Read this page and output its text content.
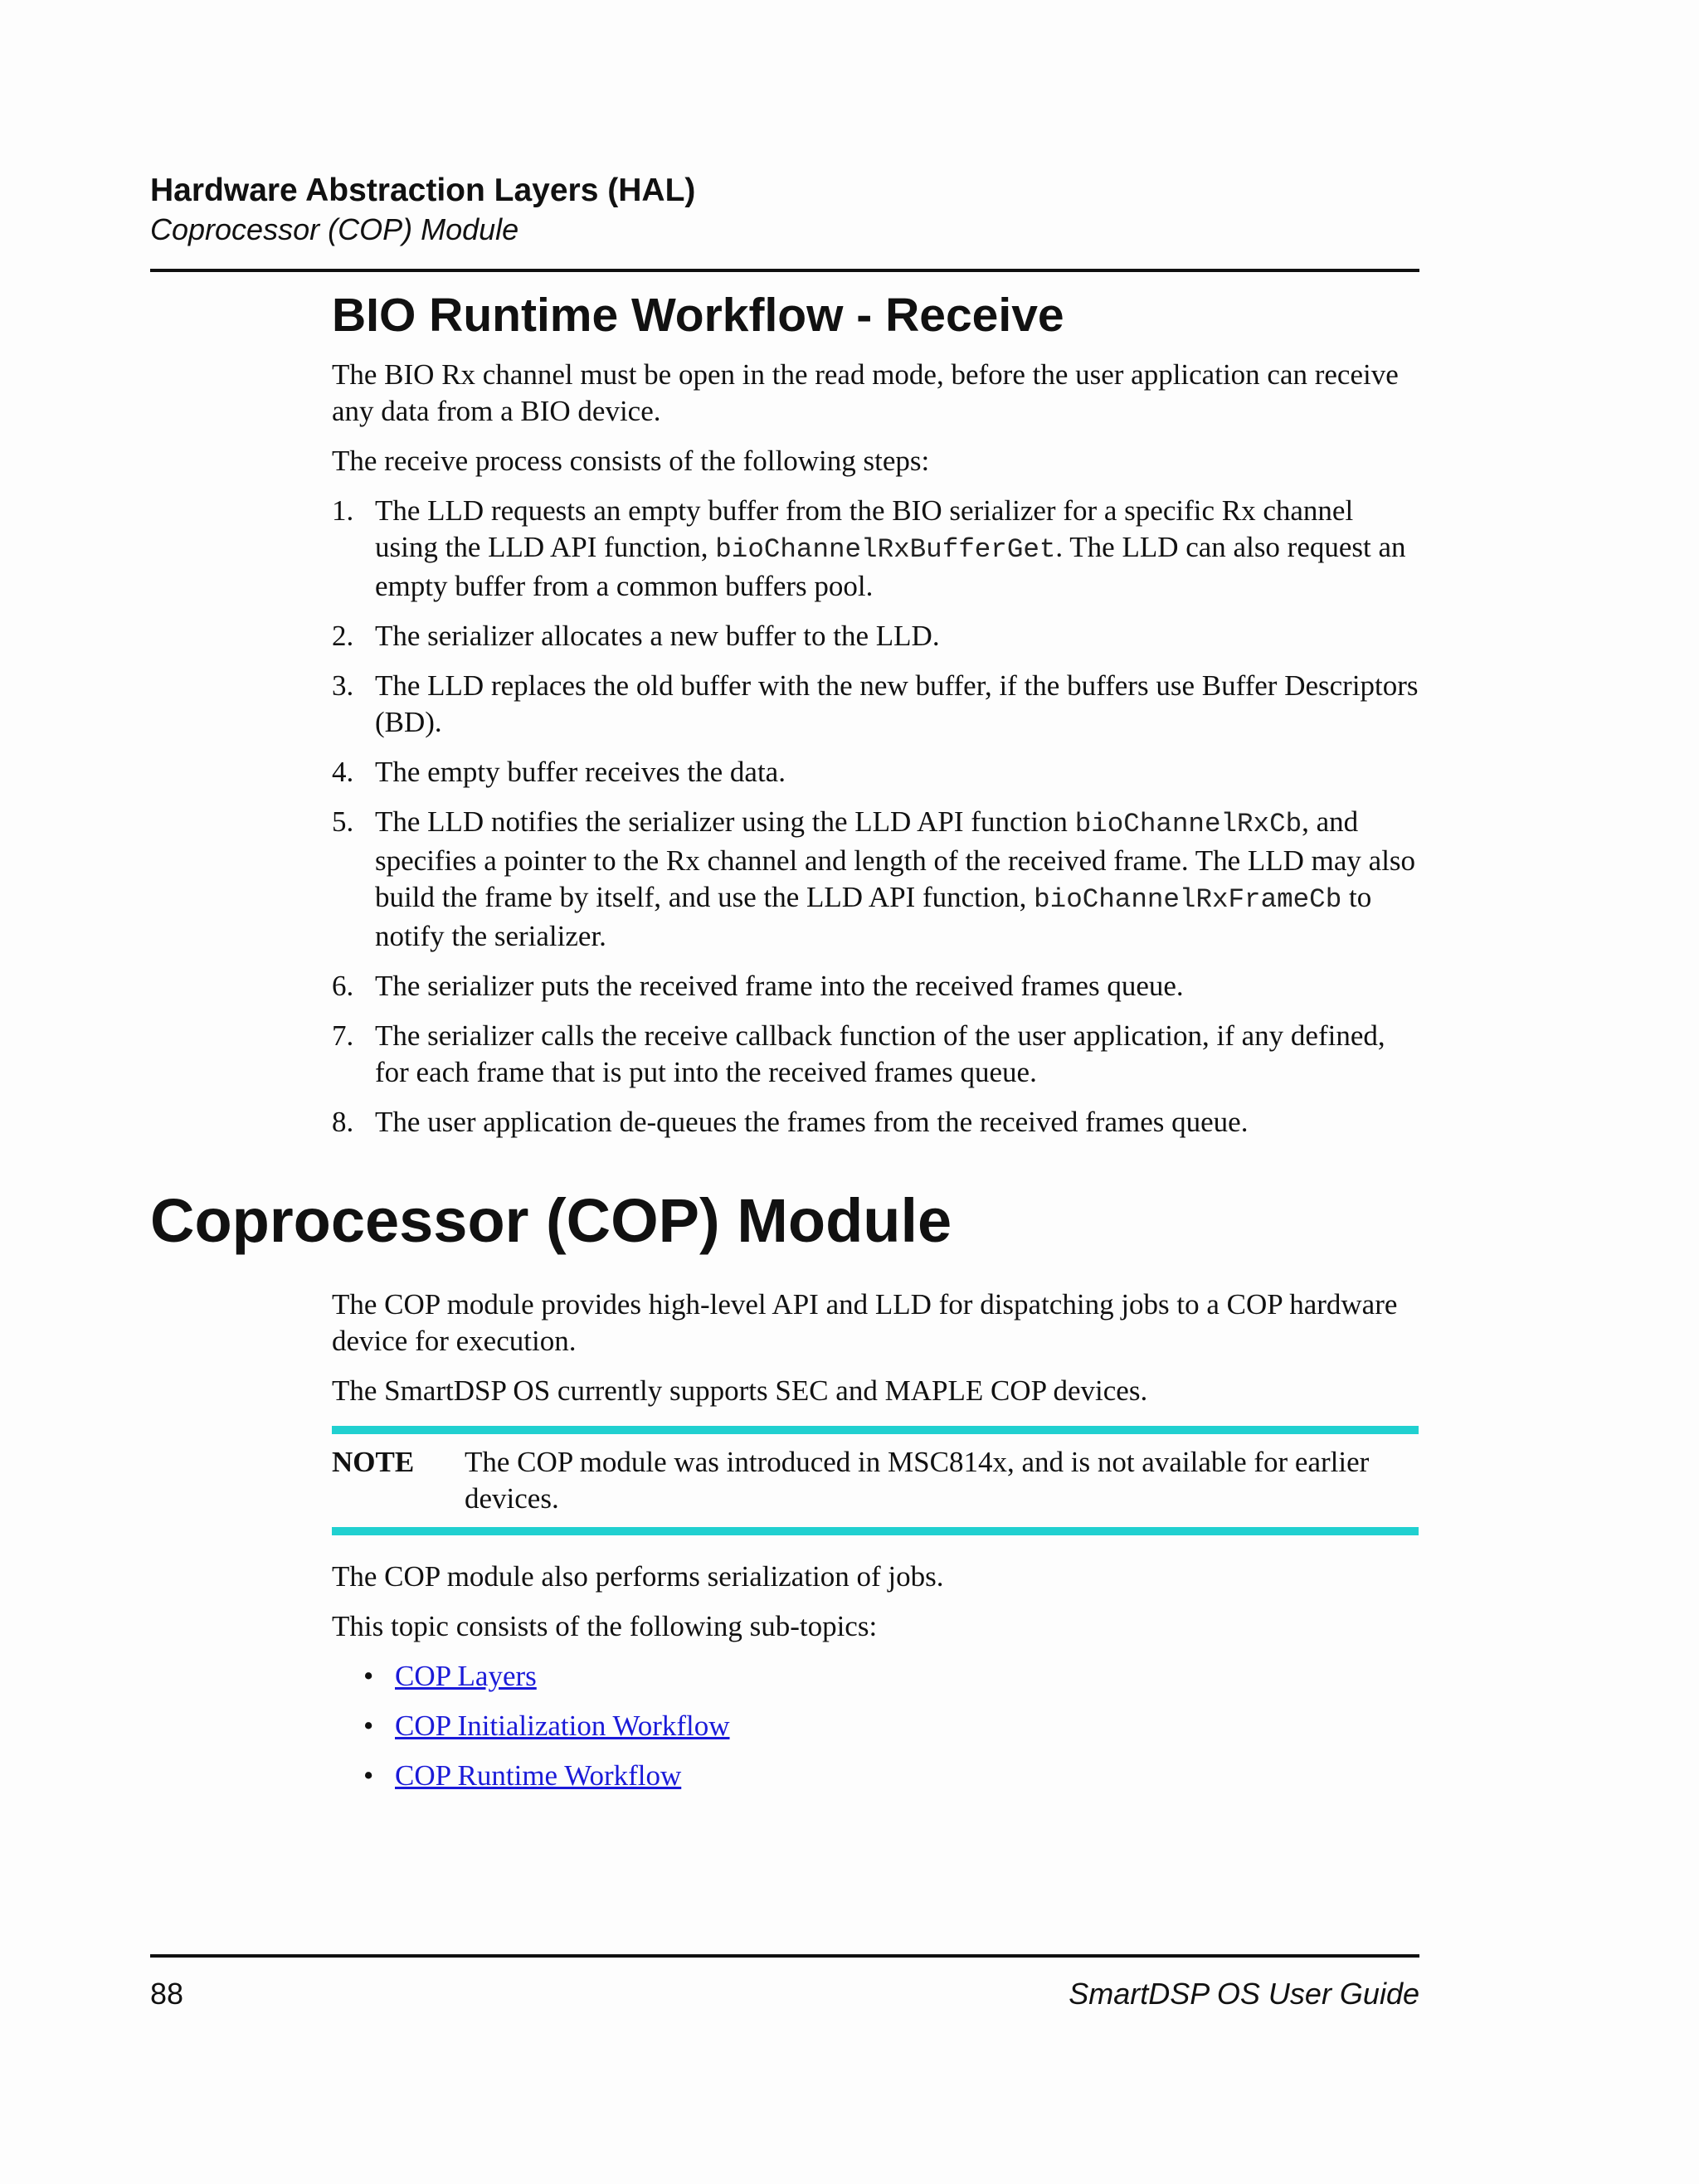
Hardware Abstraction Layers (HAL)
Coprocessor (COP) Module
BIO Runtime Workflow - Receive

The BIO Rx channel must be open in the read mode, before the user application can receive any data from a BIO device.

The receive process consists of the following steps:

1. The LLD requests an empty buffer from the BIO serializer for a specific Rx channel using the LLD API function, bioChannelRxBufferGet. The LLD can also request an empty buffer from a common buffers pool.
2. The serializer allocates a new buffer to the LLD.
3. The LLD replaces the old buffer with the new buffer, if the buffers use Buffer Descriptors (BD).
4. The empty buffer receives the data.
5. The LLD notifies the serializer using the LLD API function bioChannelRxCb, and specifies a pointer to the Rx channel and length of the received frame. The LLD may also build the frame by itself, and use the LLD API function, bioChannelRxFrameCb to notify the serializer.
6. The serializer puts the received frame into the received frames queue.
7. The serializer calls the receive callback function of the user application, if any defined, for each frame that is put into the received frames queue.
8. The user application de-queues the frames from the received frames queue.
Coprocessor (COP) Module

The COP module provides high-level API and LLD for dispatching jobs to a COP hardware device for execution.

The SmartDSP OS currently supports SEC and MAPLE COP devices.

NOTE	The COP module was introduced in MSC814x, and is not available for earlier devices.

The COP module also performs serialization of jobs.

This topic consists of the following sub-topics:

• COP Layers
• COP Initialization Workflow
• COP Runtime Workflow
88	SmartDSP OS User Guide
